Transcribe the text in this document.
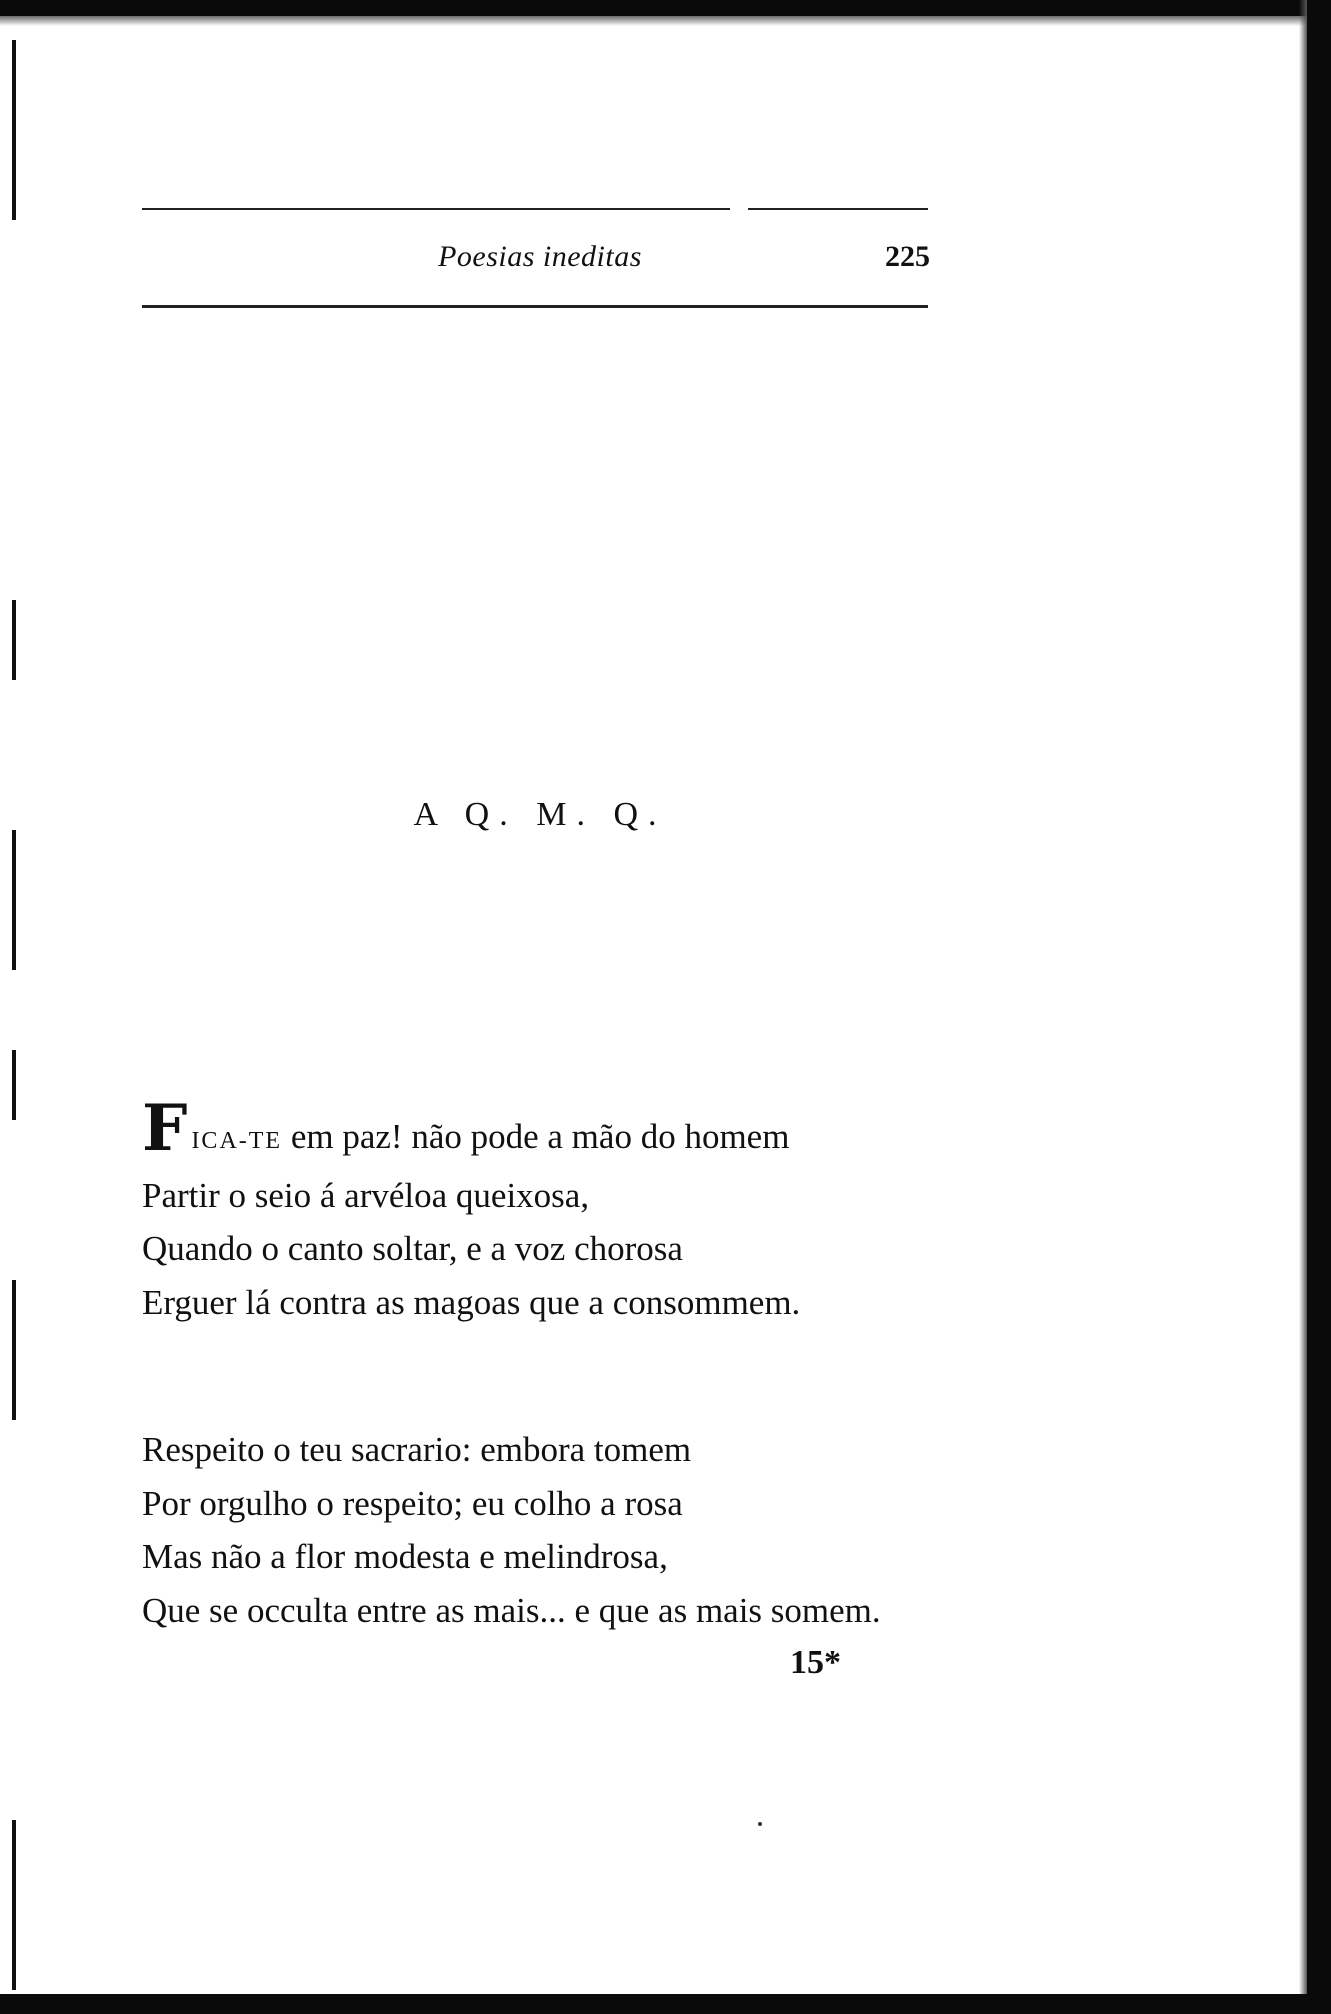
Poesias ineditas	225
A Q. M. Q.
FICA-TE em paz! não pode a mão do homem
Partir o seio á arvéloa queixosa,
Quando o canto soltar, e a voz chorosa
Erguer lá contra as magoas que a consommem.
Respeito o teu sacrario: embora tomem
Por orgulho o respeito; eu colho a rosa
Mas não a flor modesta e melindrosa,
Que se occulta entre as mais... e que as mais somem.
15*
